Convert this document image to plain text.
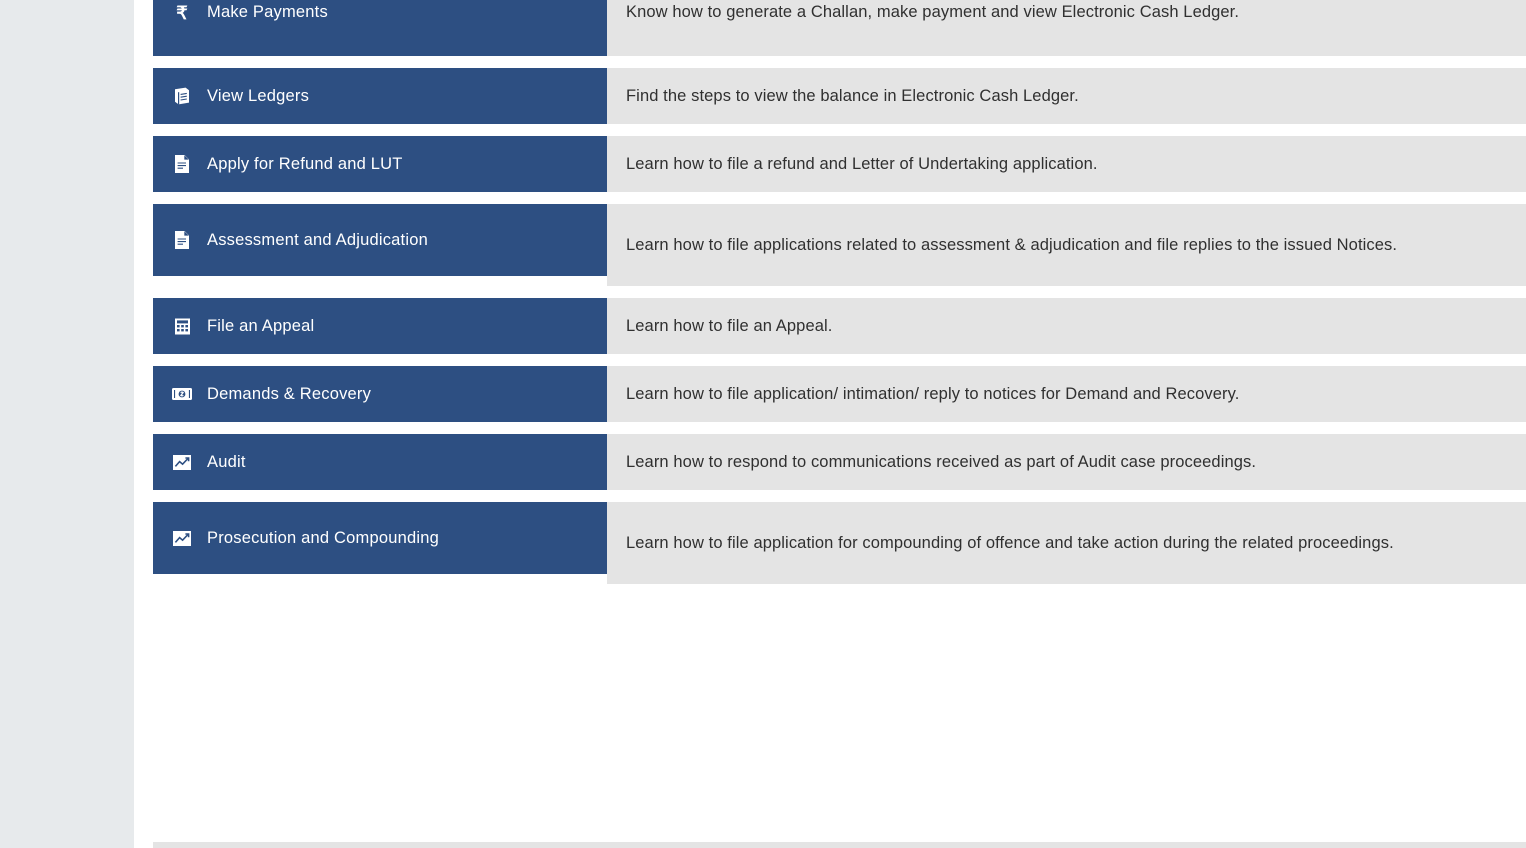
₹ Make Payments	Know how to generate a Challan, make payment and view Electronic Cash Ledger.
View Ledgers	Find the steps to view the balance in Electronic Cash Ledger.
Apply for Refund and LUT	Learn how to file a refund and Letter of Undertaking application.
Assessment and Adjudication	Learn how to file applications related to assessment & adjudication and file replies to the issued Notices.
File an Appeal	Learn how to file an Appeal.
Demands & Recovery	Learn how to file application/ intimation/ reply to notices for Demand and Recovery.
Audit	Learn how to respond to communications received as part of Audit case proceedings.
Prosecution and Compounding	Learn how to file application for compounding of offence and take action during the related proceedings.
